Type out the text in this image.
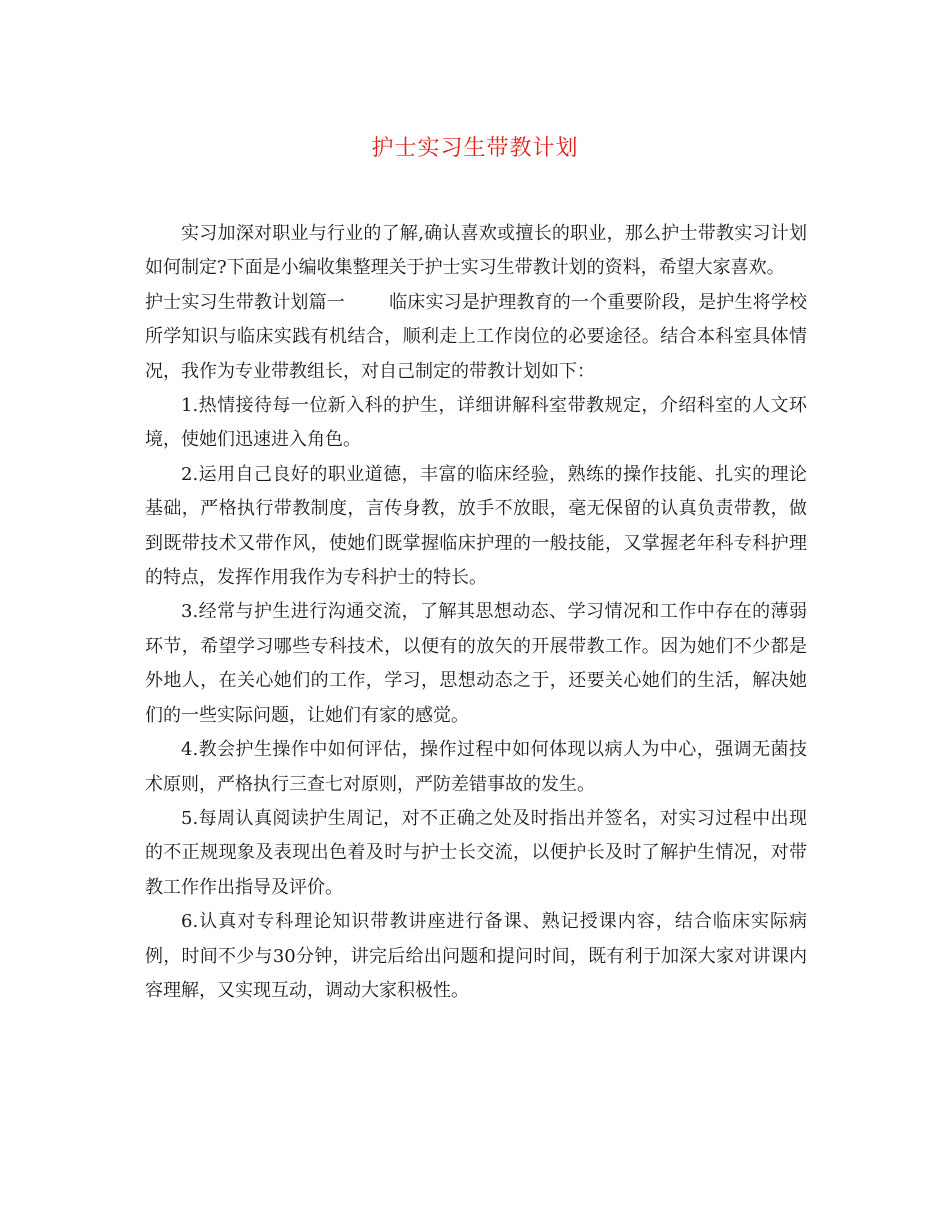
护士实习生带教计划

实习加深对职业与行业的了解,确认喜欢或擅长的职业，那么护士带教实习计划如何制定?下面是小编收集整理关于护士实习生带教计划的资料，希望大家喜欢。

护士实习生带教计划篇一 临床实习是护理教育的一个重要阶段，是护生将学校所学知识与临床实践有机结合，顺利走上工作岗位的必要途径。结合本科室具体情况，我作为专业带教组长，对自己制定的带教计划如下：

1.热情接待每一位新入科的护生，详细讲解科室带教规定，介绍科室的人文环境，使她们迅速进入角色。

2.运用自己良好的职业道德，丰富的临床经验，熟练的操作技能、扎实的理论基础，严格执行带教制度，言传身教，放手不放眼，毫无保留的认真负责带教，做到既带技术又带作风，使她们既掌握临床护理的一般技能，又掌握老年科专科护理的特点，发挥作用我作为专科护士的特长。

3.经常与护生进行沟通交流，了解其思想动态、学习情况和工作中存在的薄弱环节，希望学习哪些专科技术，以便有的放矢的开展带教工作。因为她们不少都是外地人，在关心她们的工作，学习，思想动态之于，还要关心她们的生活，解决她们的一些实际问题，让她们有家的感觉。

4.教会护生操作中如何评估，操作过程中如何体现以病人为中心，强调无菌技术原则，严格执行三查七对原则，严防差错事故的发生。

5.每周认真阅读护生周记，对不正确之处及时指出并签名，对实习过程中出现的不正规现象及表现出色着及时与护士长交流，以便护长及时了解护生情况，对带教工作作出指导及评价。

6.认真对专科理论知识带教讲座进行备课、熟记授课内容，结合临床实际病例，时间不少与30分钟，讲完后给出问题和提问时间，既有利于加深大家对讲课内容理解，又实现互动，调动大家积极性。
